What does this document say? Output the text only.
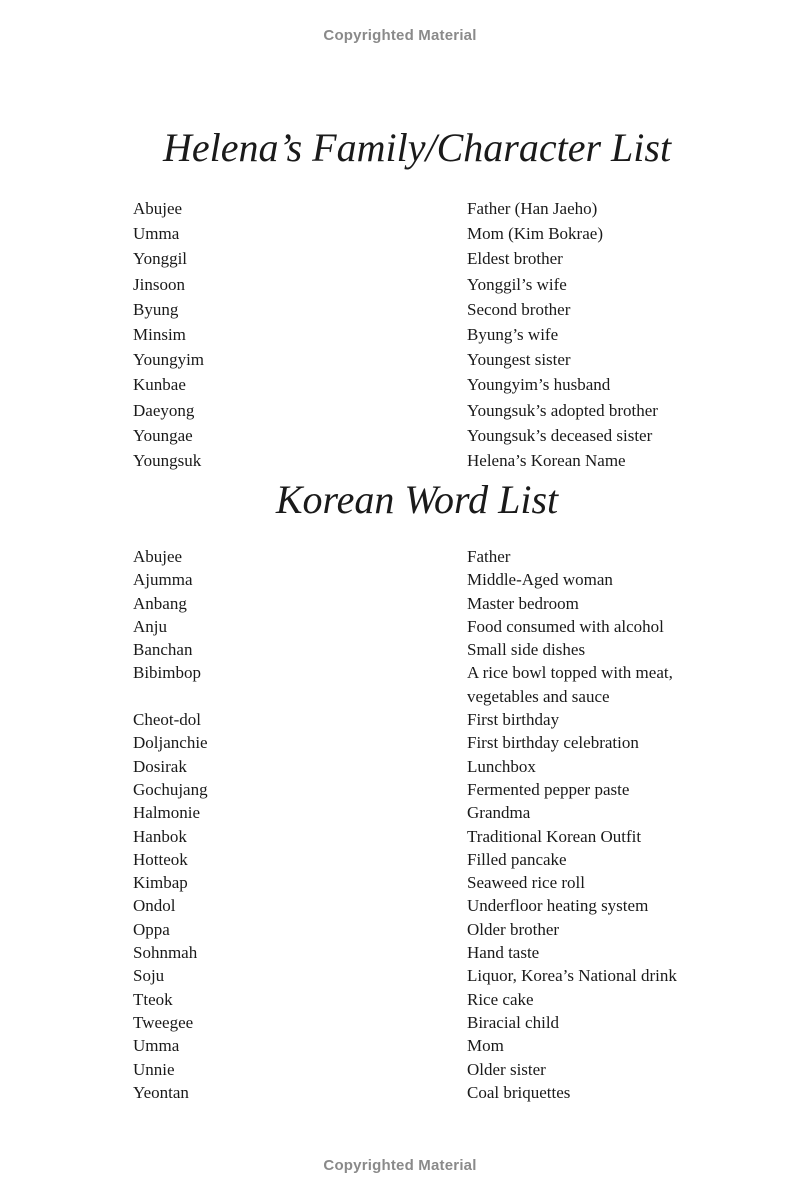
Copyrighted Material
Helena’s Family/Character List
Abujee	Father (Han Jaeho)
Umma	Mom (Kim Bokrae)
Yonggil	Eldest brother
Jinsoon	Yonggil’s wife
Byung	Second brother
Minsim	Byung’s wife
Youngyim	Youngest sister
Kunbae	Youngyim’s husband
Daeyong	Youngsuk’s adopted brother
Youngae	Youngsuk’s deceased sister
Youngsuk	Helena’s Korean Name
Korean Word List
Abujee	Father
Ajumma	Middle-Aged woman
Anbang	Master bedroom
Anju	Food consumed with alcohol
Banchan	Small side dishes
Bibimbop	A rice bowl topped with meat, vegetables and sauce
Cheot-dol	First birthday
Doljanchie	First birthday celebration
Dosirak	Lunchbox
Gochujang	Fermented pepper paste
Halmonie	Grandma
Hanbok	Traditional Korean Outfit
Hotteok	Filled pancake
Kimbap	Seaweed rice roll
Ondol	Underfloor heating system
Oppa	Older brother
Sohnmah	Hand taste
Soju	Liquor, Korea’s National drink
Tteok	Rice cake
Tweegee	Biracial child
Umma	Mom
Unnie	Older sister
Yeontan	Coal briquettes
Copyrighted Material
